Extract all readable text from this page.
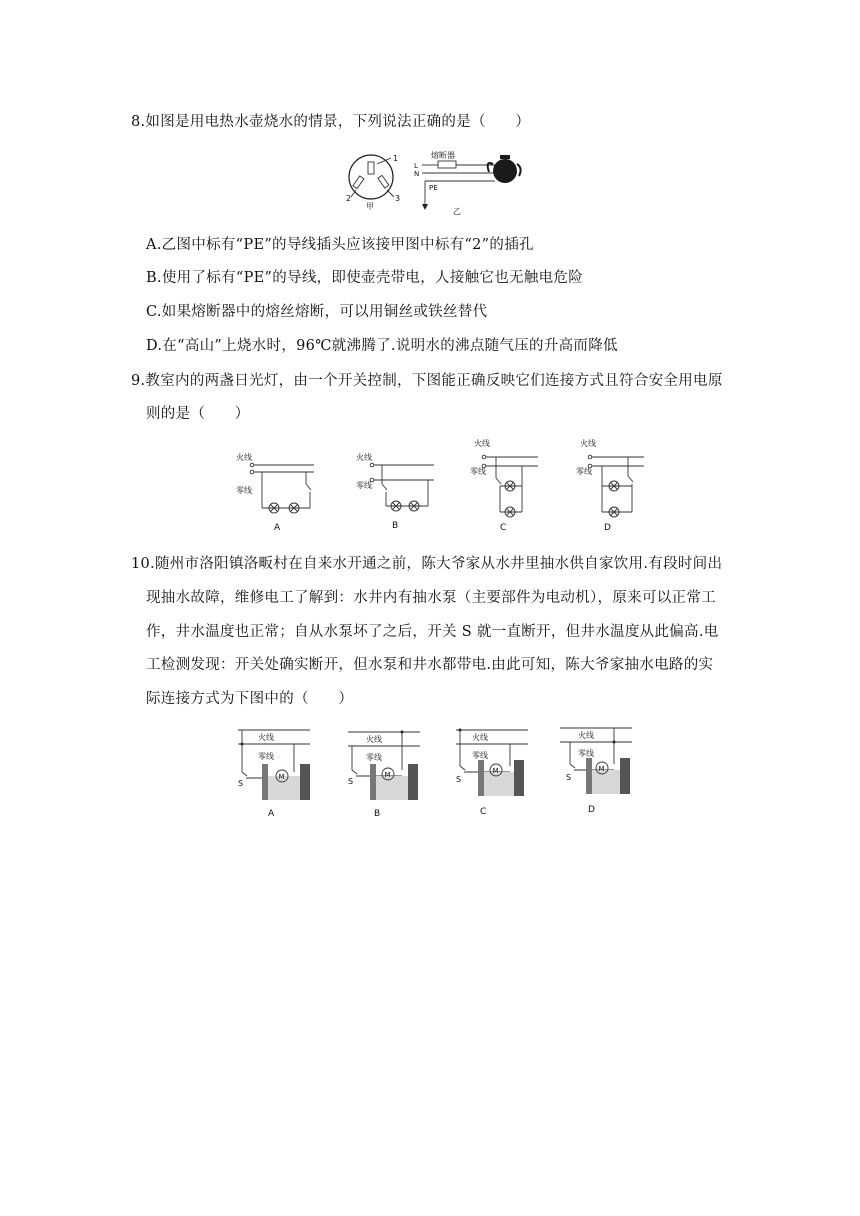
8.如图是用电热水壶烧水的情景，下列说法正确的是（　　）
1
2	3
甲
熔断器
L
N
PE
乙
A.乙图中标有“PE”的导线插头应该接甲图中标有“2”的插孔
B.使用了标有“PE”的导线，即使壶壳带电，人接触它也无触电危险
C.如果熔断器中的熔丝熔断，可以用铜丝或铁丝替代
D.在“高山”上烧水时，96℃就沸腾了.说明水的沸点随气压的升高而降低
9.教室内的两盏日光灯，由一个开关控制，下图能正确反映它们连接方式且符合安全用电原
则的是（　　）
火线
零线
A
火线
零线
B
火线
零线
C
火线
零线
D
10.随州市洛阳镇洛畈村在自来水开通之前，陈大爷家从水井里抽水供自家饮用.有段时间出
现抽水故障，维修电工了解到：水井内有抽水泵（主要部件为电动机），原来可以正常工
作，井水温度也正常；自从水泵坏了之后，开关 S 就一直断开，但井水温度从此偏高.电
工检测发现：开关处确实断开，但水泵和井水都带电.由此可知，陈大爷家抽水电路的实
际连接方式为下图中的（　　）
火线
零线
S
M
A
火线
零线
S
M
B
火线
零线
S
M
C
火线
零线
S
M
D
